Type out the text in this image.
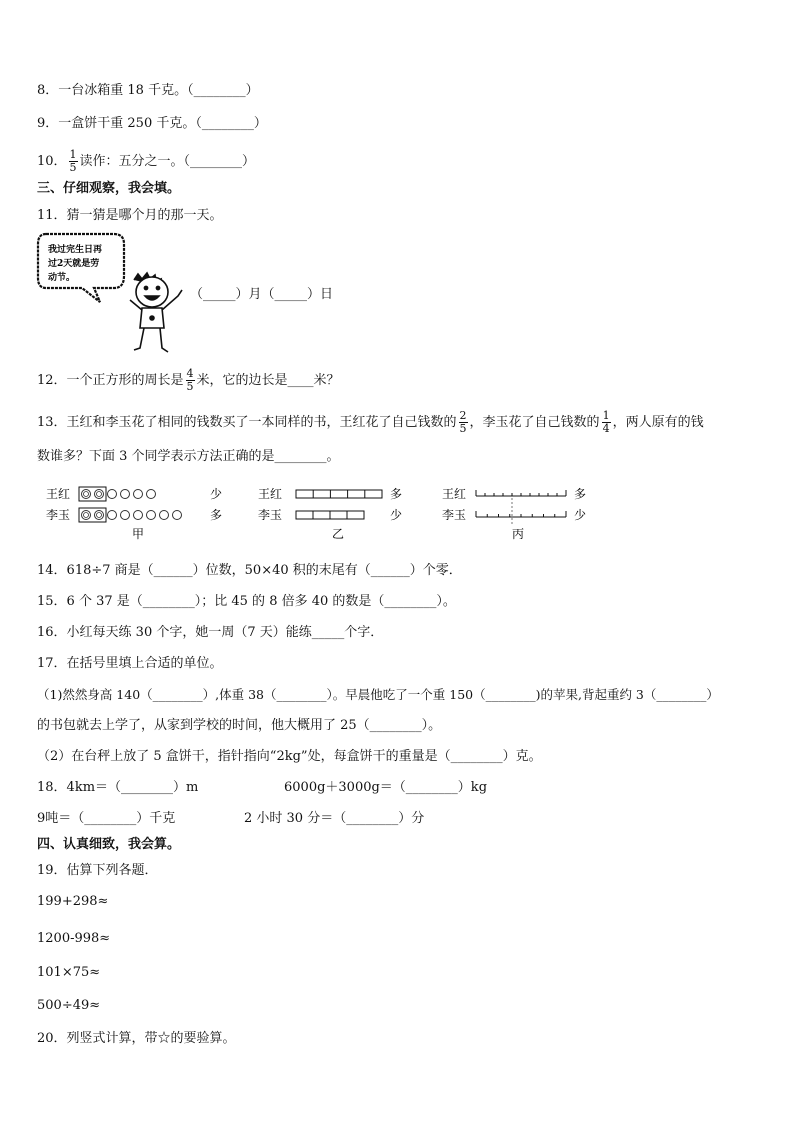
8．一台冰箱重 18 千克。（________）
9．一盒饼干重 250 千克。（________）
10． $\frac{1}{5}$ 读作：五分之一。（________）
三、仔细观察，我会填。
11．猜一猜是哪个月的那一天。
我过完生日再
过2天就是劳
动节。
（_____）月（_____）日
12．一个正方形的周长是 $\frac{4}{5}$ 米，它的边长是____米？
13．王红和李玉花了相同的钱数买了一本同样的书，王红花了自己钱数的 $\frac{2}{5}$ ，李玉花了自己钱数的 $\frac{1}{4}$ ，两人原有的钱
数谁多？下面 3 个同学表示方法正确的是________。
王红
李玉
少
多
甲
王红
李玉
多
少
乙
王红
李玉
多
少
丙
14．618÷7 商是（______）位数，50×40 积的末尾有（______）个零．
15．6 个 37 是（________）；比 45 的 8 倍多 40 的数是（________）。
16．小红每天练 30 个字，她一周（7 天）能练_____个字．
17．在括号里填上合适的单位。
（1)然然身高 140（________）,体重 38（________）。早晨他吃了一个重 150（________)的苹果,背起重约 3（________）
的书包就去上学了，从家到学校的时间，他大概用了 25（________）。
（2）在台秤上放了 5 盒饼干，指针指向“2kg”处，每盒饼干的重量是（________）克。
18．4km＝（________）m	6000g＋3000g＝（________）kg
9吨＝（________）千克	2 小时 30 分＝（________）分
四、认真细致，我会算。
19．估算下列各题．
199+298≈
1200-998≈
101×75≈
500÷49≈
20．列竖式计算，带☆的要验算。
